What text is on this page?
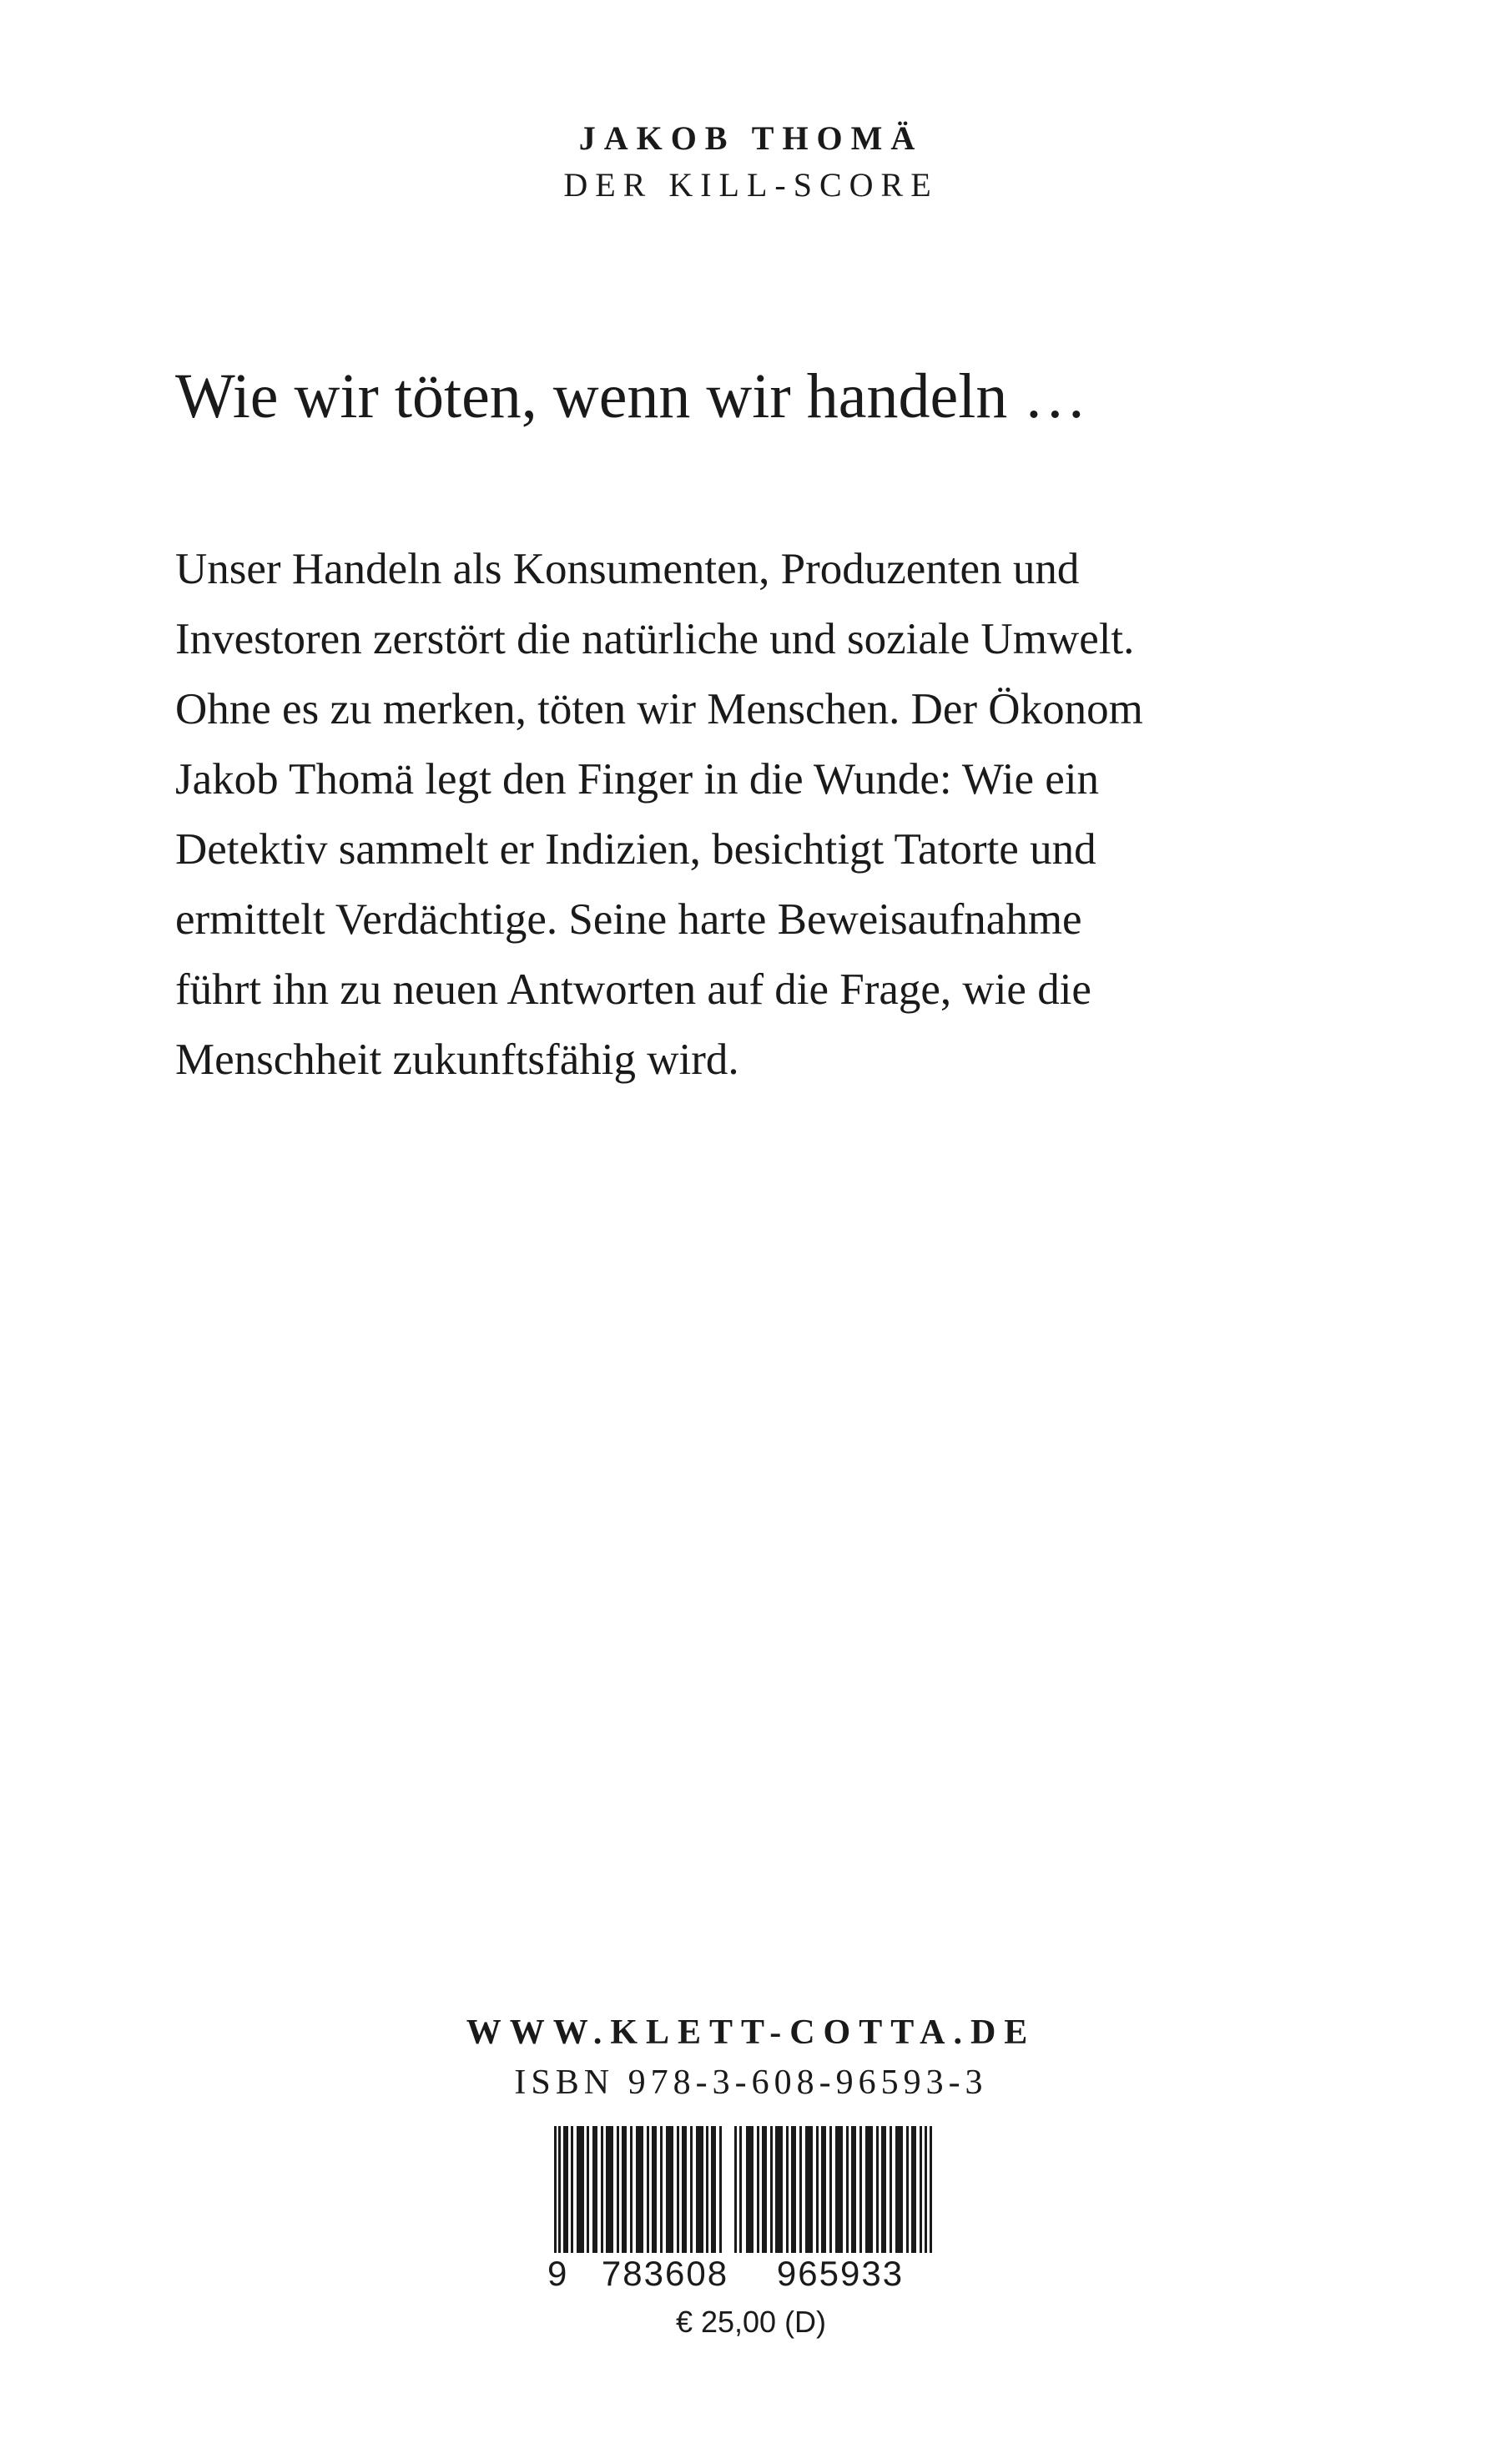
JAKOB THOMÄ
DER KILL-SCORE
Wie wir töten, wenn wir handeln …
Unser Handeln als Konsumenten, Produzenten und
Investoren zerstört die natürliche und soziale Umwelt.
Ohne es zu merken, töten wir Menschen. Der Ökonom
Jakob Thomä legt den Finger in die Wunde: Wie ein
Detektiv sammelt er Indizien, besichtigt Tatorte und
ermittelt Verdächtige. Seine harte Beweisaufnahme
führt ihn zu neuen Antworten auf die Frage, wie die
Menschheit zukunftsfähig wird.
WWW.KLETT-COTTA.DE
ISBN 978-3-608-96593-3
9 783608 965933
€ 25,00 (D)
